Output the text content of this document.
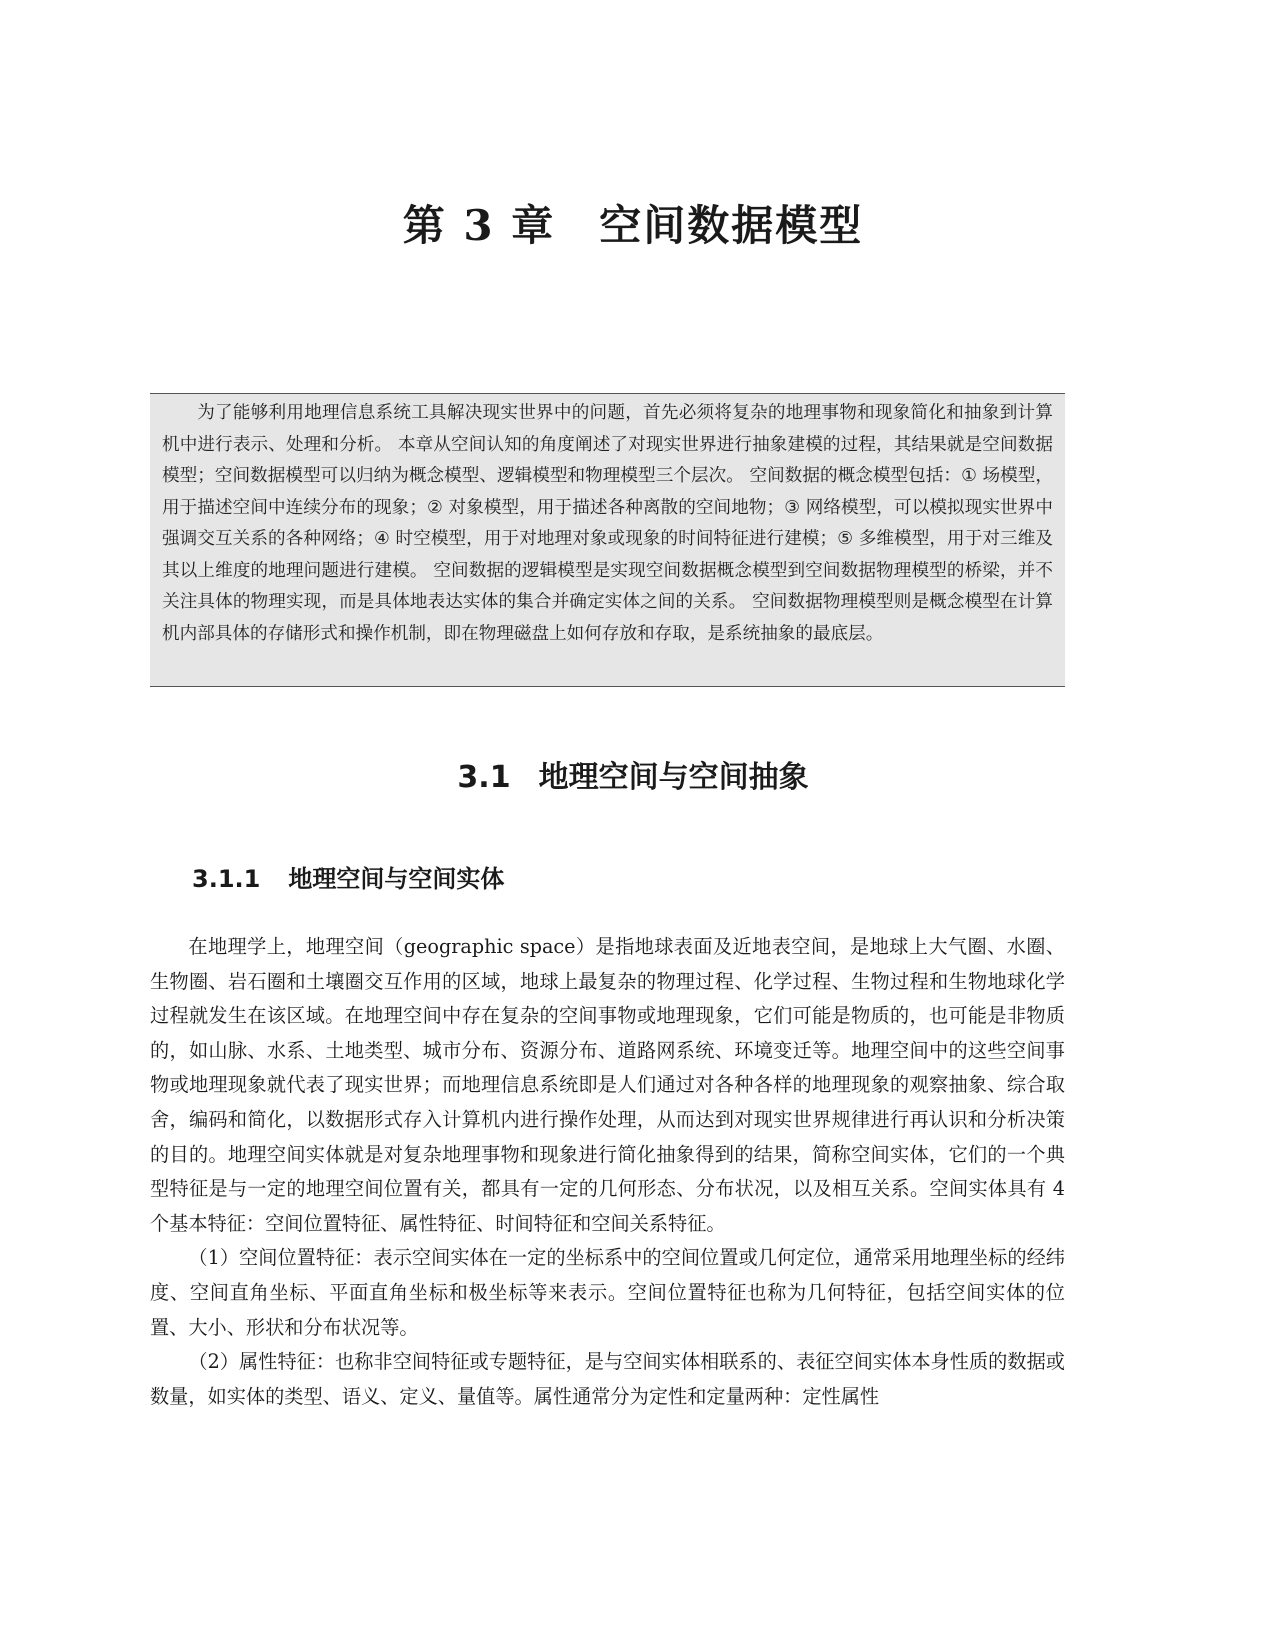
第 3 章 空间数据模型

为了能够利用地理信息系统工具解决现实世界中的问题，首先必须将复杂的地理事物和现象简化和抽象到计算机中进行表示、处理和分析。 本章从空间认知的角度阐述了对现实世界进行抽象建模的过程，其结果就是空间数据模型；空间数据模型可以归纳为概念模型、逻辑模型和物理模型三个层次。 空间数据的概念模型包括：① 场模型，用于描述空间中连续分布的现象；② 对象模型，用于描述各种离散的空间地物；③ 网络模型，可以模拟现实世界中强调交互关系的各种网络；④ 时空模型，用于对地理对象或现象的时间特征进行建模；⑤ 多维模型，用于对三维及其以上维度的地理问题进行建模。 空间数据的逻辑模型是实现空间数据概念模型到空间数据物理模型的桥梁，并不关注具体的物理实现，而是具体地表达实体的集合并确定实体之间的关系。 空间数据物理模型则是概念模型在计算机内部具体的存储形式和操作机制，即在物理磁盘上如何存放和存取，是系统抽象的最底层。

3.1 地理空间与空间抽象
3.1.1 地理空间与空间实体

在地理学上，地理空间（geographic space）是指地球表面及近地表空间，是地球上大气圈、水圈、生物圈、岩石圈和土壤圈交互作用的区域，地球上最复杂的物理过程、化学过程、生物过程和生物地球化学过程就发生在该区域。在地理空间中存在复杂的空间事物或地理现象，它们可能是物质的，也可能是非物质的，如山脉、水系、土地类型、城市分布、资源分布、道路网系统、环境变迁等。地理空间中的这些空间事物或地理现象就代表了现实世界；而地理信息系统即是人们通过对各种各样的地理现象的观察抽象、综合取舍，编码和简化，以数据形式存入计算机内进行操作处理，从而达到对现实世界规律进行再认识和分析决策的目的。地理空间实体就是对复杂地理事物和现象进行简化抽象得到的结果，简称空间实体，它们的一个典型特征是与一定的地理空间位置有关，都具有一定的几何形态、分布状况，以及相互关系。空间实体具有 4 个基本特征：空间位置特征、属性特征、时间特征和空间关系特征。

（1）空间位置特征：表示空间实体在一定的坐标系中的空间位置或几何定位，通常采用地理坐标的经纬度、空间直角坐标、平面直角坐标和极坐标等来表示。空间位置特征也称为几何特征，包括空间实体的位置、大小、形状和分布状况等。

（2）属性特征：也称非空间特征或专题特征，是与空间实体相联系的、表征空间实体本身性质的数据或数量，如实体的类型、语义、定义、量值等。属性通常分为定性和定量两种：定性属性
